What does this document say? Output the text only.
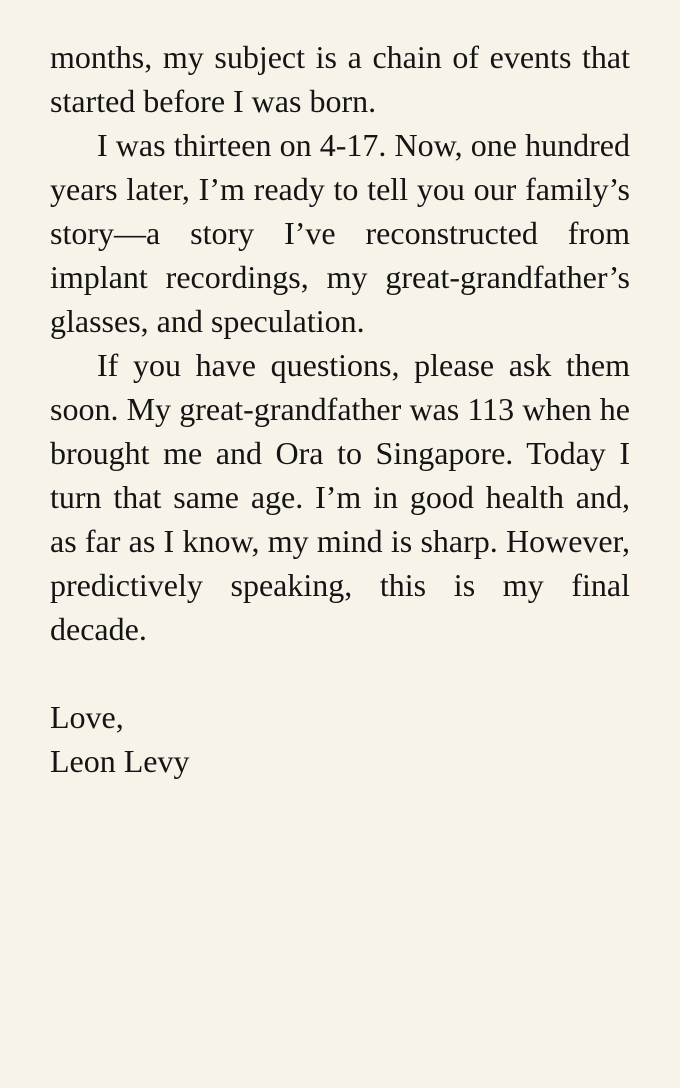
months, my subject is a chain of events that started before I was born.

I was thirteen on 4-17. Now, one hundred years later, I’m ready to tell you our family’s story—a story I’ve reconstructed from implant recordings, my great-grandfather’s glasses, and speculation.

If you have questions, please ask them soon. My great-grandfather was 113 when he brought me and Ora to Singapore. Today I turn that same age. I’m in good health and, as far as I know, my mind is sharp. However, predictively speaking, this is my final decade.

Love,
Leon Levy
